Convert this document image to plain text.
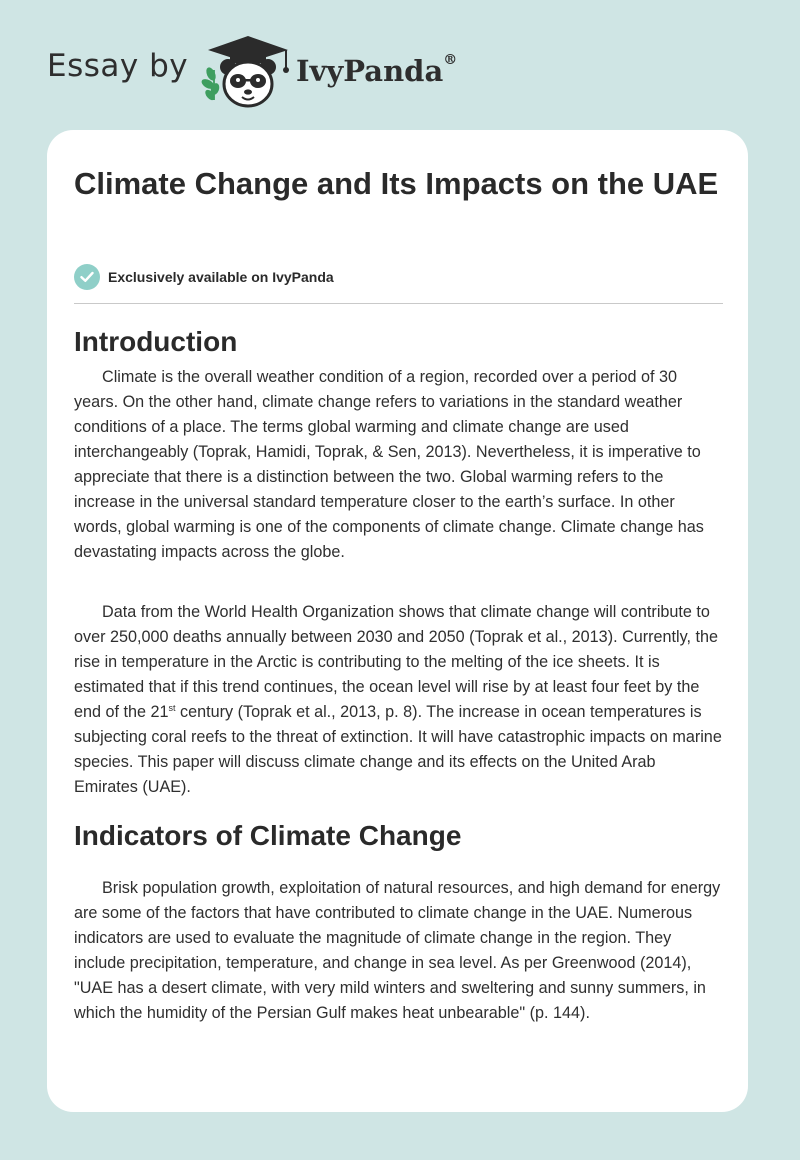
Essay by	IvyPanda®
Climate Change and Its Impacts on the UAE
Exclusively available on IvyPanda
Introduction

Climate is the overall weather condition of a region, recorded over a period of 30 years. On the other hand, climate change refers to variations in the standard weather conditions of a place. The terms global warming and climate change are used interchangeably (Toprak, Hamidi, Toprak, & Sen, 2013). Nevertheless, it is imperative to appreciate that there is a distinction between the two. Global warming refers to the increase in the universal standard temperature closer to the earth’s surface. In other words, global warming is one of the components of climate change. Climate change has devastating impacts across the globe.

Data from the World Health Organization shows that climate change will contribute to over 250,000 deaths annually between 2030 and 2050 (Toprak et al., 2013). Currently, the rise in temperature in the Arctic is contributing to the melting of the ice sheets. It is estimated that if this trend continues, the ocean level will rise by at least four feet by the end of the 21st century (Toprak et al., 2013, p. 8). The increase in ocean temperatures is subjecting coral reefs to the threat of extinction. It will have catastrophic impacts on marine species. This paper will discuss climate change and its effects on the United Arab Emirates (UAE).

Indicators of Climate Change

Brisk population growth, exploitation of natural resources, and high demand for energy are some of the factors that have contributed to climate change in the UAE. Numerous indicators are used to evaluate the magnitude of climate change in the region. They include precipitation, temperature, and change in sea level. As per Greenwood (2014), "UAE has a desert climate, with very mild winters and sweltering and sunny summers, in which the humidity of the Persian Gulf makes heat unbearable" (p. 144).
